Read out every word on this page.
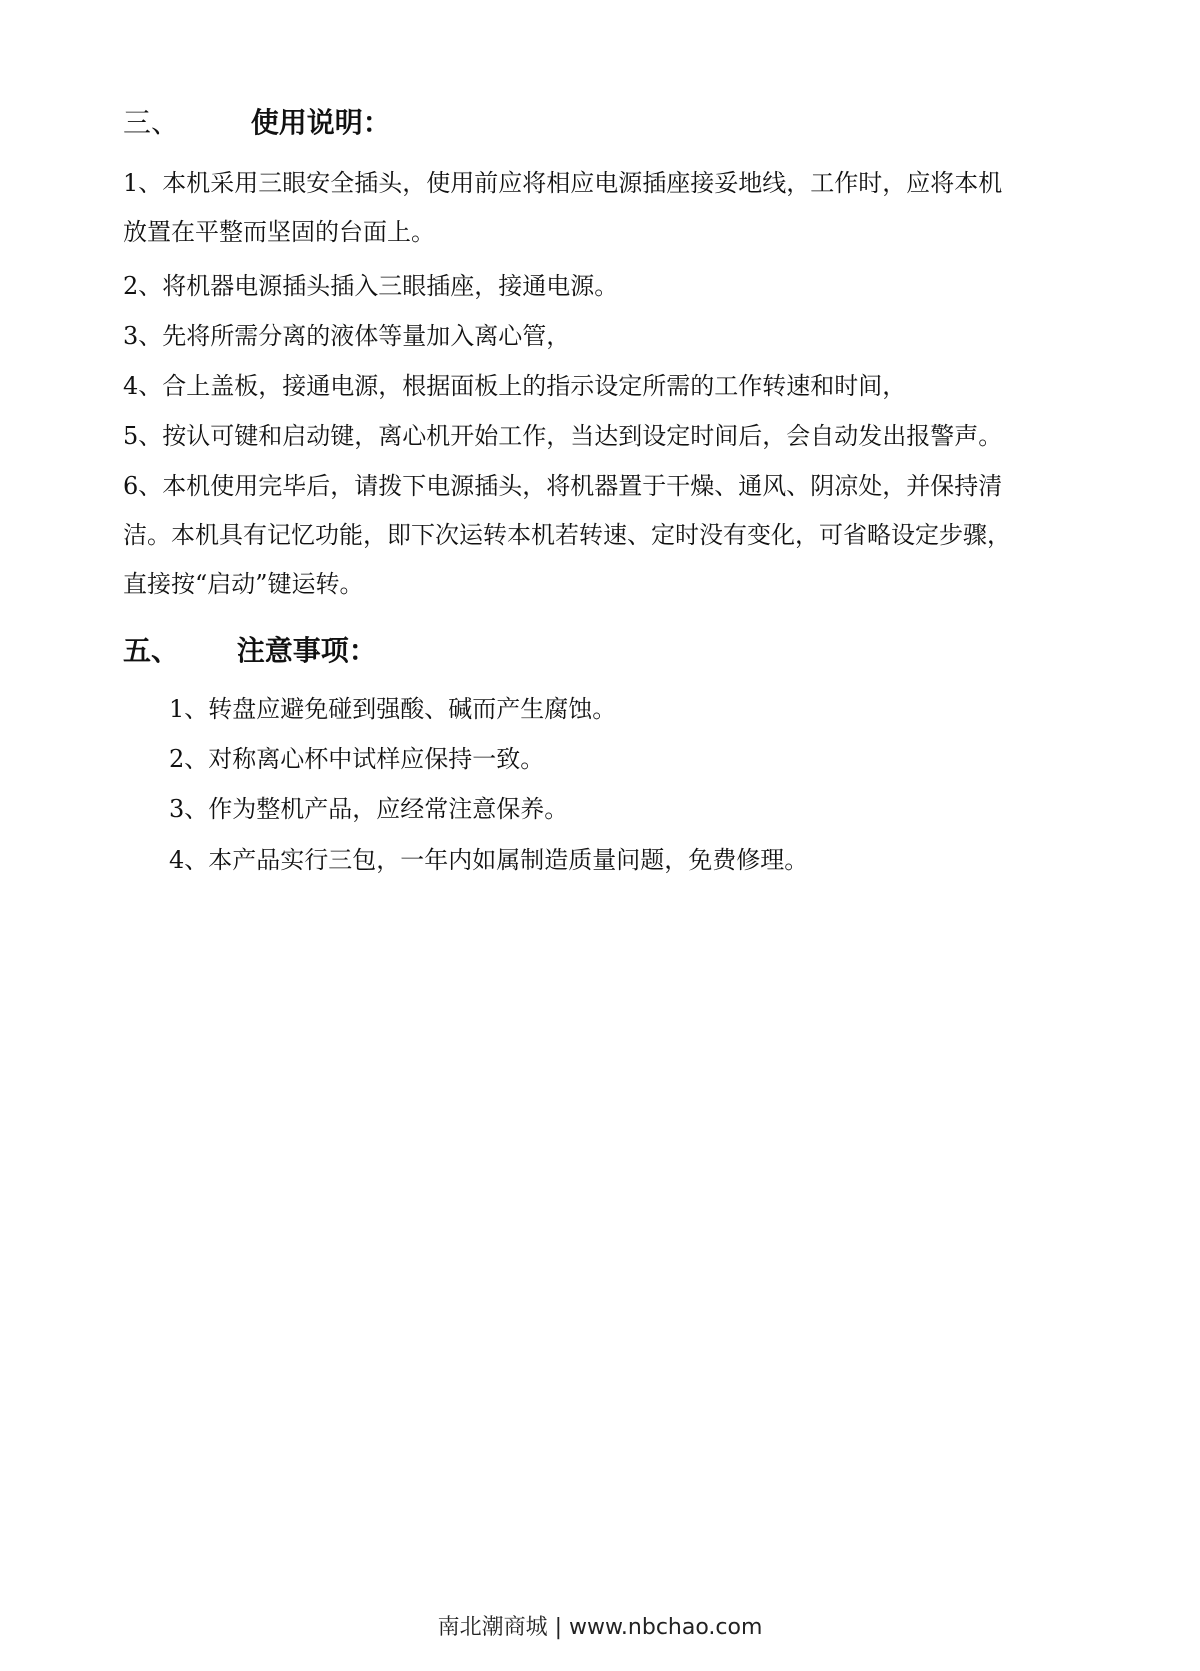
三、	使用说明：
1、本机采用三眼安全插头，使用前应将相应电源插座接妥地线，工作时，应将本机
放置在平整而坚固的台面上。
2、将机器电源插头插入三眼插座，接通电源。
3、先将所需分离的液体等量加入离心管，
4、合上盖板，接通电源，根据面板上的指示设定所需的工作转速和时间，
5、按认可键和启动键，离心机开始工作，当达到设定时间后，会自动发出报警声。
6、本机使用完毕后，请拨下电源插头，将机器置于干燥、通风、阴凉处，并保持清
洁。本机具有记忆功能，即下次运转本机若转速、定时没有变化，可省略设定步骤，
直接按“启动”键运转。
五、 注意事项：
1、转盘应避免碰到强酸、碱而产生腐蚀。
2、对称离心杯中试样应保持一致。
3、作为整机产品，应经常注意保养。
4、本产品实行三包，一年内如属制造质量问题，免费修理。
南北潮商城 | www.nbchao.com
